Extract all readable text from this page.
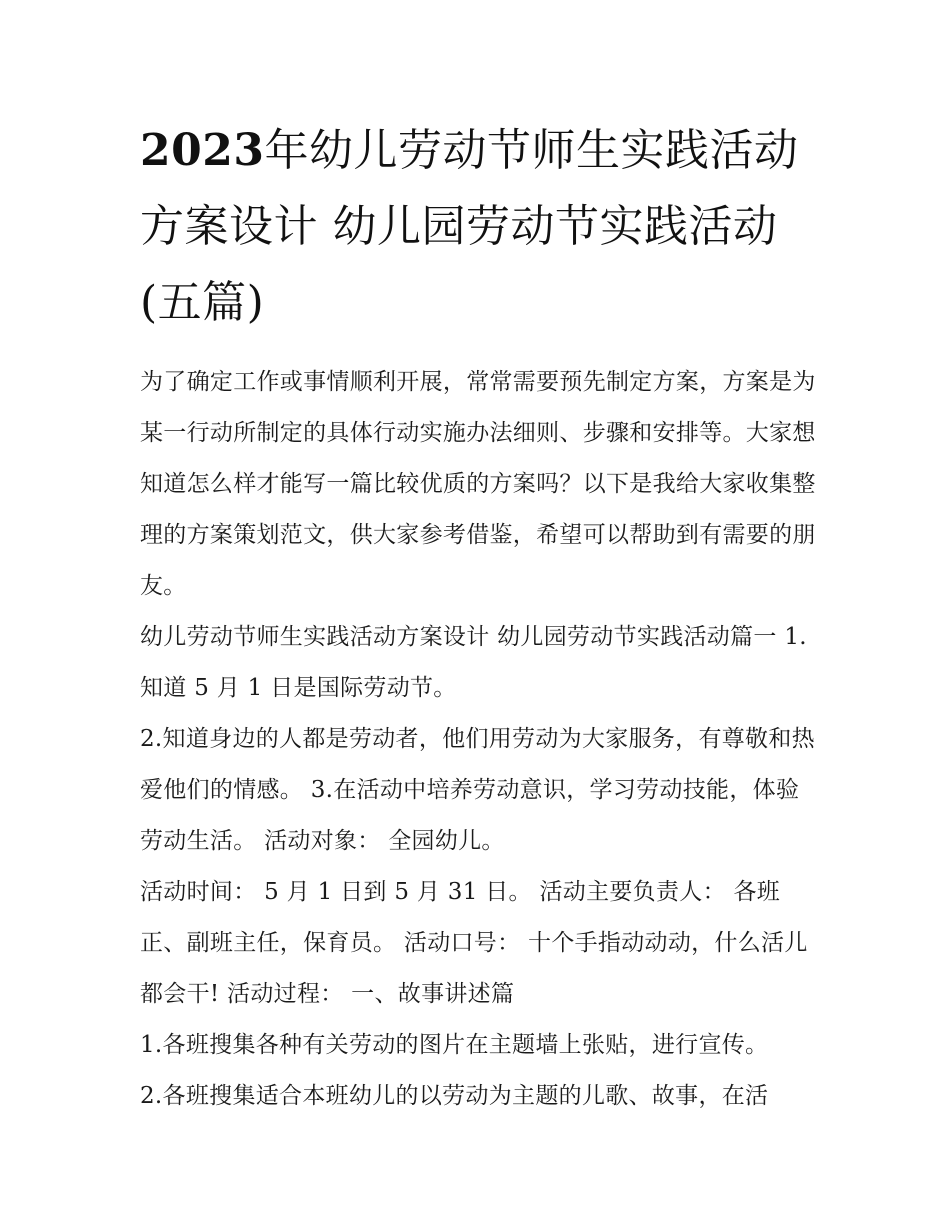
2023年幼儿劳动节师生实践活动方案设计 幼儿园劳动节实践活动(五篇)

为了确定工作或事情顺利开展，常常需要预先制定方案，方案是为某一行动所制定的具体行动实施办法细则、步骤和安排等。大家想知道怎么样才能写一篇比较优质的方案吗？以下是我给大家收集整理的方案策划范文，供大家参考借鉴，希望可以帮助到有需要的朋友。

幼儿劳动节师生实践活动方案设计 幼儿园劳动节实践活动篇一 1.知道 5 月 1 日是国际劳动节。

2.知道身边的人都是劳动者，他们用劳动为大家服务，有尊敬和热爱他们的情感。 3.在活动中培养劳动意识，学习劳动技能，体验劳动生活。 活动对象： 全园幼儿。

活动时间： 5 月 1 日到 5 月 31 日。 活动主要负责人： 各班正、副班主任，保育员。 活动口号： 十个手指动动动，什么活儿都会干! 活动过程： 一、故事讲述篇

1.各班搜集各种有关劳动的图片在主题墙上张贴，进行宣传。

2.各班搜集适合本班幼儿的以劳动为主题的儿歌、故事，在活
